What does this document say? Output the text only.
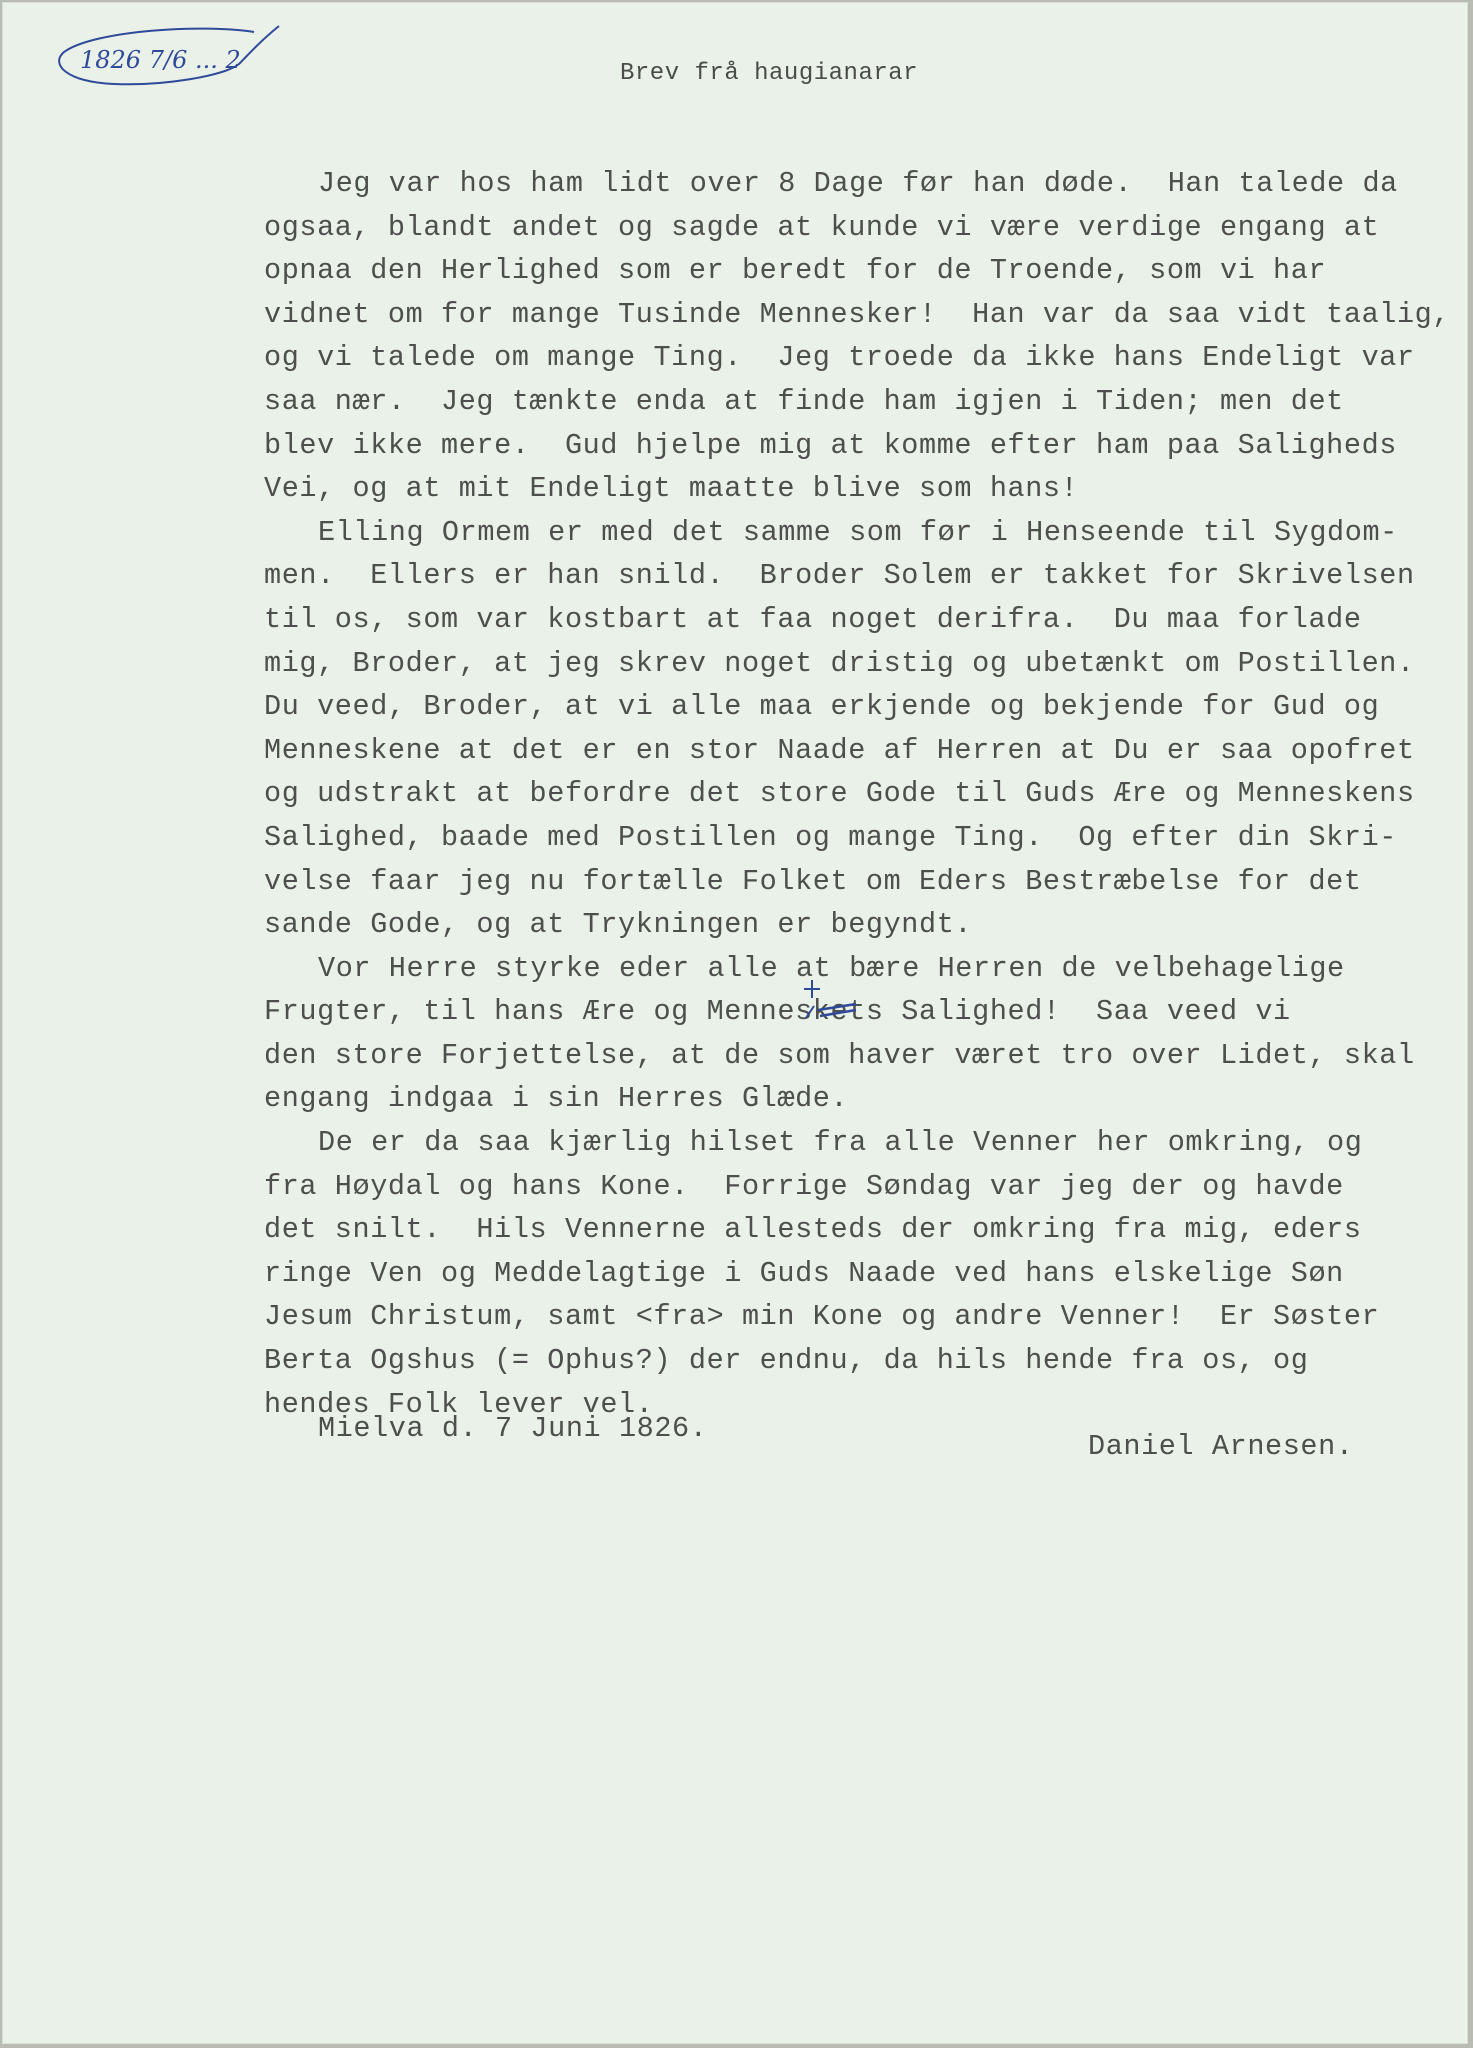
1826 7/6 ... 2	Brev frå haugianarar
Jeg var hos ham lidt over 8 Dage før han døde.  Han talede da
ogsaa, blandt andet og sagde at kunde vi være verdige engang at
opnaa den Herlighed som er beredt for de Troende, som vi har
vidnet om for mange Tusinde Mennesker!  Han var da saa vidt taalig,
og vi talede om mange Ting.  Jeg troede da ikke hans Endeligt var
saa nær.  Jeg tænkte enda at finde ham igjen i Tiden; men det
blev ikke mere.  Gud hjelpe mig at komme efter ham paa Saligheds
Vei, og at mit Endeligt maatte blive som hans!
Elling Ormem er med det samme som før i Henseende til Sygdom-
men.  Ellers er han snild.  Broder Solem er takket for Skrivelsen
til os, som var kostbart at faa noget derifra.  Du maa forlade
mig, Broder, at jeg skrev noget dristig og ubetænkt om Postillen.
Du veed, Broder, at vi alle maa erkjende og bekjende for Gud og
Menneskene at det er en stor Naade af Herren at Du er saa opofret
og udstrakt at befordre det store Gode til Guds Ære og Menneskens
Salighed, baade med Postillen og mange Ting.  Og efter din Skri-
velse faar jeg nu fortælle Folket om Eders Bestræbelse for det
sande Gode, og at Trykningen er begyndt.
Vor Herre styrke eder alle at bære Herren de velbehagelige
Frugter, til hans Ære og Menneskets Salighed!  Saa veed vi
den store Forjettelse, at de som haver været tro over Lidet, skal
engang indgaa i sin Herres Glæde.
De er da saa kjærlig hilset fra alle Venner her omkring, og
fra Høydal og hans Kone.  Forrige Søndag var jeg der og havde
det snilt.  Hils Vennerne allesteds der omkring fra mig, eders
ringe Ven og Meddelagtige i Guds Naade ved hans elskelige Søn
Jesum Christum, samt <fra> min Kone og andre Venner!  Er Søster
Berta Ogshus (= Ophus?) der endnu, da hils hende fra os, og
hendes Folk lever vel.
Mielva d. 7 Juni 1826.
Daniel Arnesen.
